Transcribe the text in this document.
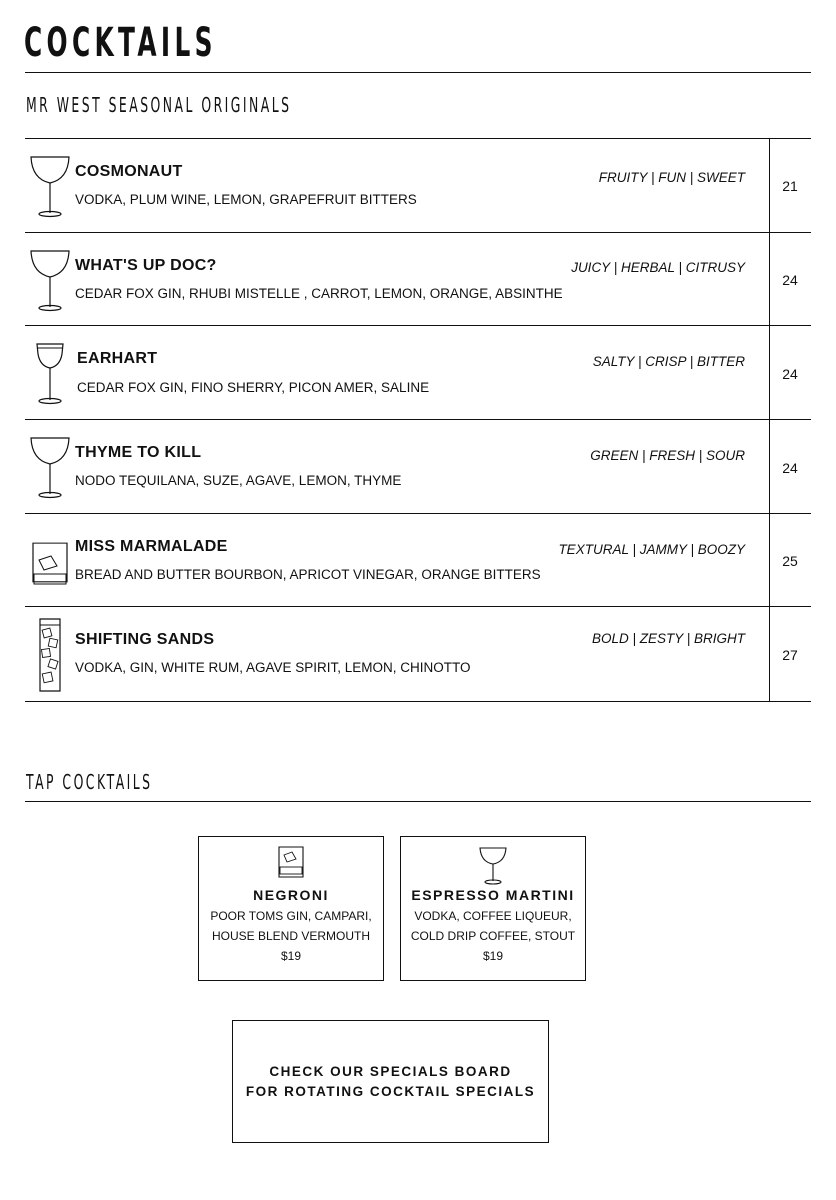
COCKTAILS
MR WEST SEASONAL ORIGINALS
COSMONAUT
VODKA, PLUM WINE, LEMON, GRAPEFRUIT BITTERS
FRUITY | FUN | SWEET
21
WHAT'S UP DOC?
CEDAR FOX GIN, RHUBI MISTELLE , CARROT, LEMON, ORANGE, ABSINTHE
JUICY | HERBAL | CITRUSY
24
EARHART
CEDAR FOX GIN, FINO SHERRY, PICON AMER, SALINE
SALTY | CRISP | BITTER
24
THYME TO KILL
NODO TEQUILANA, SUZE, AGAVE, LEMON, THYME
GREEN | FRESH | SOUR
24
MISS MARMALADE
BREAD AND BUTTER BOURBON, APRICOT VINEGAR, ORANGE BITTERS
TEXTURAL | JAMMY | BOOZY
25
SHIFTING SANDS
VODKA, GIN, WHITE RUM, AGAVE SPIRIT, LEMON, CHINOTTO
BOLD | ZESTY | BRIGHT
27
TAP COCKTAILS
NEGRONI
POOR TOMS GIN, CAMPARI,
HOUSE BLEND VERMOUTH
$19
ESPRESSO MARTINI
VODKA, COFFEE LIQUEUR,
COLD DRIP COFFEE, STOUT
$19
CHECK OUR SPECIALS BOARD
FOR ROTATING COCKTAIL SPECIALS
